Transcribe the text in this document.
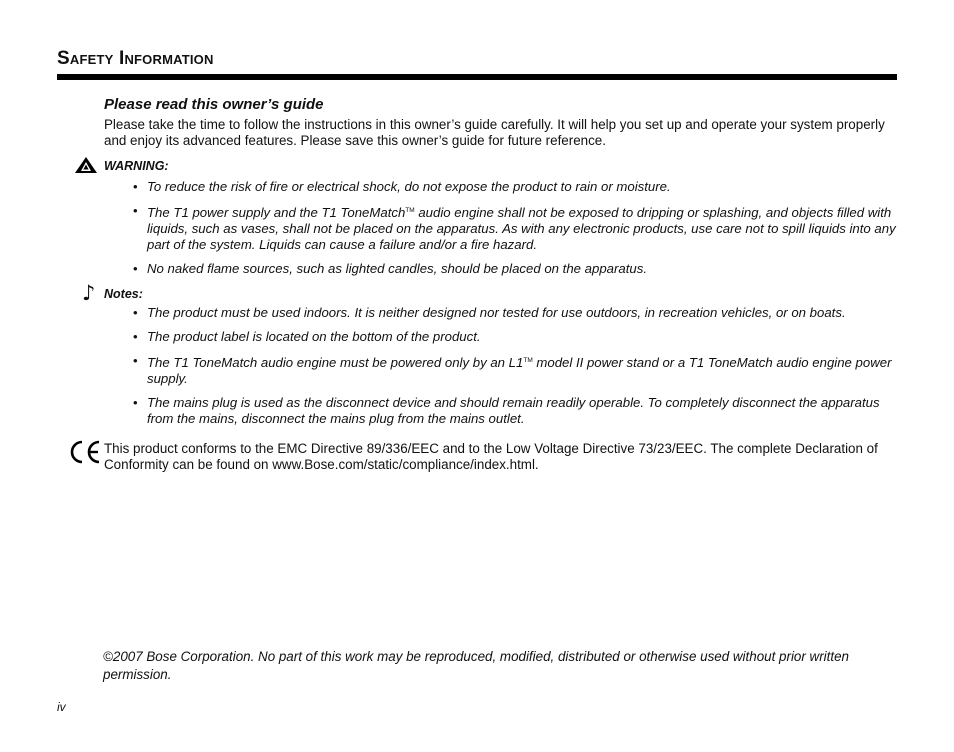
Safety Information
Please read this owner’s guide

Please take the time to follow the instructions in this owner’s guide carefully. It will help you set up and operate your system properly and enjoy its advanced features. Please save this owner’s guide for future reference.

WARNING:
• To reduce the risk of fire or electrical shock, do not expose the product to rain or moisture.
• The T1 power supply and the T1 ToneMatch™ audio engine shall not be exposed to dripping or splashing, and objects filled with liquids, such as vases, shall not be placed on the apparatus. As with any electronic products, use care not to spill liquids into any part of the system. Liquids can cause a failure and/or a fire hazard.
• No naked flame sources, such as lighted candles, should be placed on the apparatus.
♪ Notes:
• The product must be used indoors. It is neither designed nor tested for use outdoors, in recreation vehicles, or on boats.
• The product label is located on the bottom of the product.
• The T1 ToneMatch audio engine must be powered only by an L1™ model II power stand or a T1 ToneMatch audio engine power supply.
• The mains plug is used as the disconnect device and should remain readily operable. To completely disconnect the apparatus from the mains, disconnect the mains plug from the mains outlet.

This product conforms to the EMC Directive 89/336/EEC and to the Low Voltage Directive 73/23/EEC. The complete Declaration of Conformity can be found on www.Bose.com/static/compliance/index.html.

©2007 Bose Corporation. No part of this work may be reproduced, modified, distributed or otherwise used without prior written permission.

iv
